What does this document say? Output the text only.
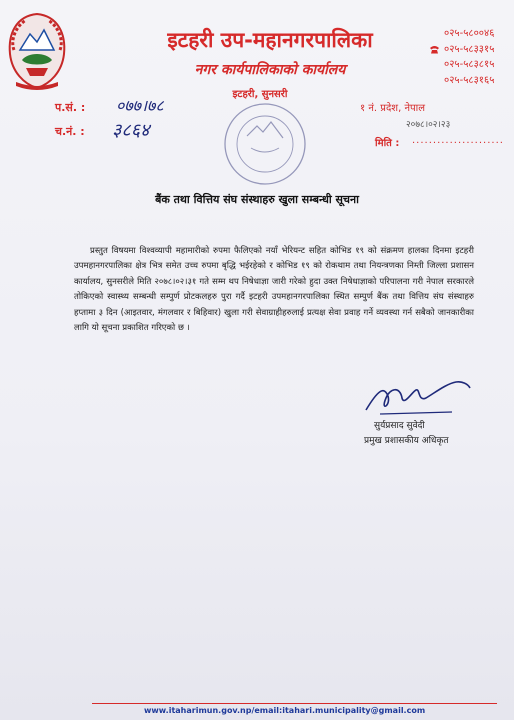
इटहरी उप-महानगरपालिका
नगर कार्यपालिकाको कार्यालय
इटहरी, सुनसरी
०२५-५८००४६
०२५-५८३३१५
०२५-५८३८१५
०२५-५८३१६५
प.सं. : ०७७।७८
च.नं. : ३८६४
१ नं. प्रदेश, नेपाल
२०७८।०२।२३
मिति : ......................
बैंक तथा वित्तिय संघ संस्थाहरु खुला सम्बन्धी सूचना

प्रस्तुत विषयमा विश्वव्यापी महामारीको रुपमा फैलिएको नयाँ भेरियन्ट सहित कोभिड १९ को संक्रमण हालका दिनमा इटहरी उपमहानगरपालिका क्षेत्र भित्र समेत उच्च रुपमा बृद्धि भईरहेको र कोभिड १९ को रोकथाम तथा नियन्त्रणका निम्ती जिल्ला प्रशासन कार्यालय, सुनसरीले मिति २०७८।०२।३१ गते सम्म थप निषेधाज्ञा जारी गरेको हुदा उक्त निषेधाज्ञाको परिपालना गरी नेपाल सरकारले तोकिएको स्वास्थ्य सम्बन्धी सम्पुर्ण प्रोटकलहरु पुरा गर्दै इटहरी उपमहानगरपालिका स्थित सम्पुर्ण बैंक तथा वित्तिय संघ संस्थाहरु हप्तामा ३ दिन (आइतवार, मंगलवार र बिहिवार) खुला गरी सेवाग्राहीहरुलाई प्रत्यक्ष सेवा प्रवाह गर्ने व्यवस्था गर्न सबैको जानकारीका लागि यो सूचना प्रकाशित गरिएको छ ।

सुर्यप्रसाद सुवेदी
प्रमुख प्रशासकीय अधिकृत
www.itaharimun.gov.np/email:itahari.municipality@gmail.com
